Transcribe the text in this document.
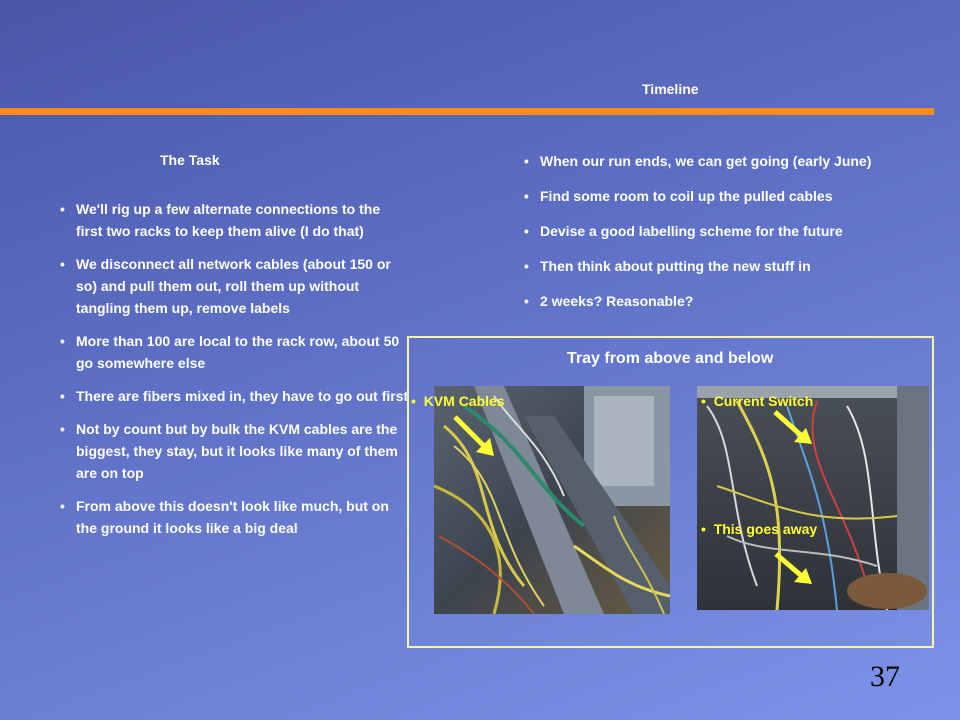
Timeline
The Task	• When our run ends, we can get going (early June)
• Find some room to coil up the pulled cables
• Devise a good labelling scheme for the future
• Then think about putting the new stuff in
• 2 weeks? Reasonable?
• We'll rig up a few alternate connections to the first two racks to keep them alive (I do that)
• We disconnect all network cables (about 150 or so) and pull them out, roll them up without tangling them up, remove labels
• More than 100 are local to the rack row, about 50 go somewhere else
• There are fibers mixed in, they have to go out first
• Not by count but by bulk the KVM cables are the biggest, they stay, but it looks like many of them are on top
• From above this doesn't look like much, but on the ground it looks like a big deal
Tray from above and below
• KVM Cables	• Current Switch
• This goes away
37
